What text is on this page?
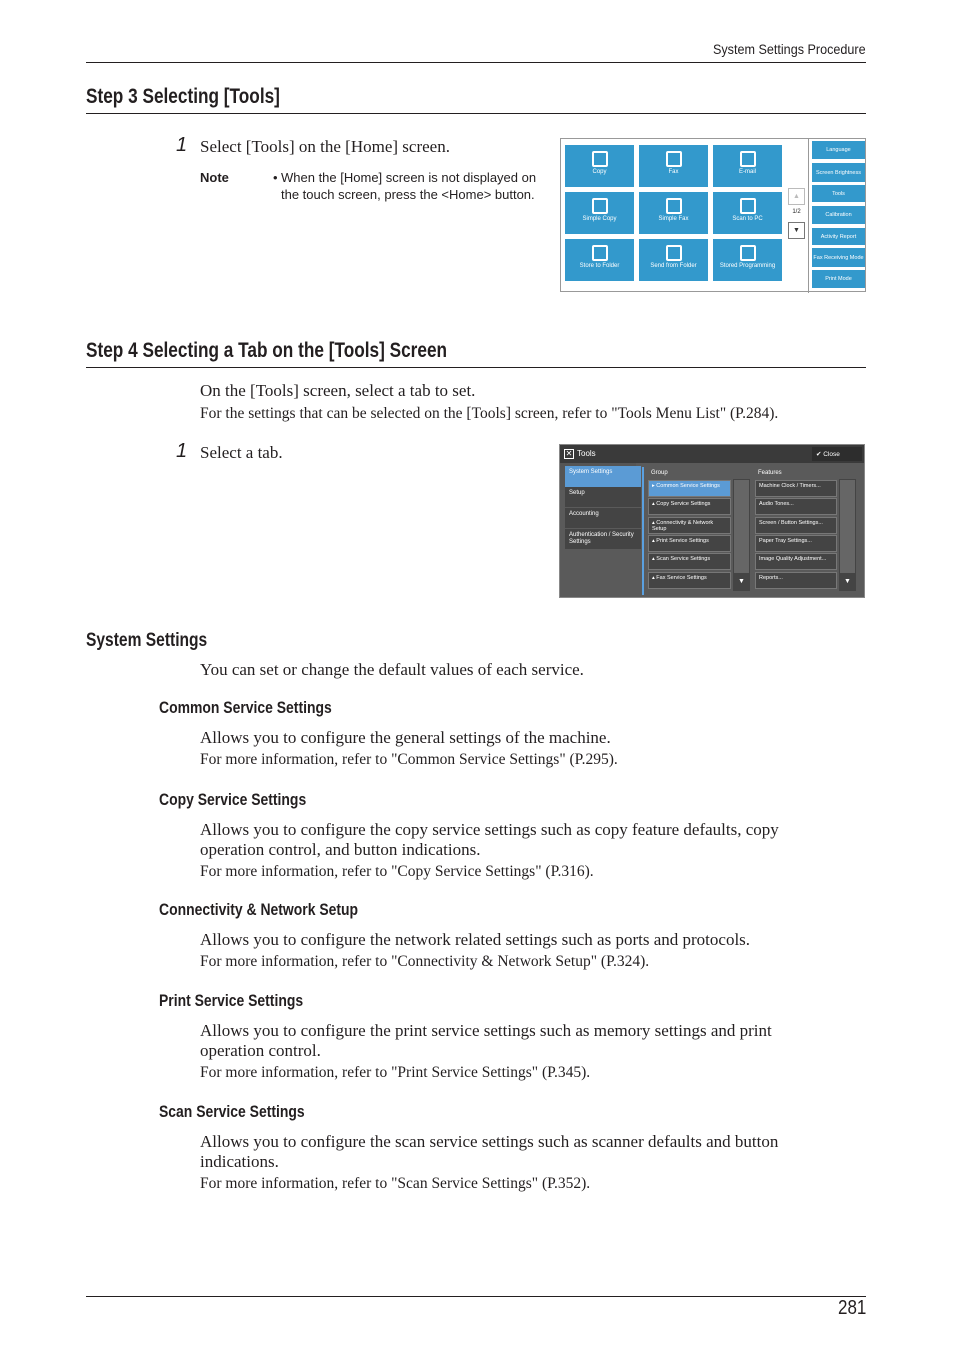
System Settings Procedure
Step 3 Selecting [Tools]
1 Select [Tools] on the [Home] screen.
Note	• When the [Home] screen is not displayed on
the touch screen, press the <Home> button.	▲
1/2
▼
Copy	Fax	E-mail
Simple Copy	Simple Fax	Scan to PC
Store to Folder	Send from Folder	Stored Programming
Step 4 Selecting a Tab on the [Tools] Screen
On the [Tools] screen, select a tab to set.
For the settings that can be selected on the [Tools] screen, refer to "Tools Menu List" (P.284).
1 Select a tab.	✕ Tools	✔ Close
Group	Features
▼	▼
System Settings
Setup
Accounting
Authentication / Security Settings
▸ Common Service Settings
▴ Copy Service Settings
▴ Connectivity & Network Setup
▴ Print Service Settings
▴ Scan Service Settings
▴ Fax Service Settings
Machine Clock / Timers...
Audio Tones...
Screen / Button Settings...
Paper Tray Settings...
Image Quality Adjustment...
Reports...
System Settings
You can set or change the default values of each service.
Common Service Settings
Allows you to configure the general settings of the machine.
For more information, refer to "Common Service Settings" (P.295).
Copy Service Settings
Allows you to configure the copy service settings such as copy feature defaults, copy operation control, and button indications.
For more information, refer to "Copy Service Settings" (P.316).
Connectivity & Network Setup
Allows you to configure the network related settings such as ports and protocols.
For more information, refer to "Connectivity & Network Setup" (P.324).
Print Service Settings
Allows you to configure the print service settings such as memory settings and print operation control.
For more information, refer to "Print Service Settings" (P.345).
Scan Service Settings
Allows you to configure the scan service settings such as scanner defaults and button indications.
For more information, refer to "Scan Service Settings" (P.352).
281
Language
Screen Brightness
Tools
Calibration
Activity Report
Fax Receiving Mode
Print Mode
